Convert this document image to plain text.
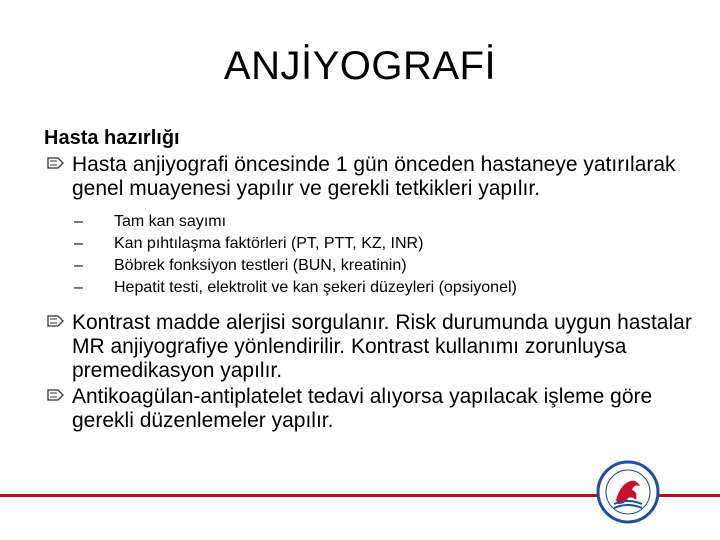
ANJİYOGRAFİ
Hasta hazırlığı
Hasta anjiyografi öncesinde 1 gün önceden hastaneye yatırılarak genel muayenesi yapılır ve gerekli tetkikleri yapılır.
– Tam kan sayımı
– Kan pıhtılaşma faktörleri (PT, PTT, KZ, INR)
– Böbrek fonksiyon testleri (BUN, kreatinin)
– Hepatit testi, elektrolit ve kan şekeri düzeyleri (opsiyonel)
Kontrast madde alerjisi sorgulanır. Risk durumunda uygun hastalar MR anjiyografiye yönlendirilir. Kontrast kullanımı zorunluysa premedikasyon yapılır.
Antikoagülan-antiplatelet tedavi alıyorsa yapılacak işleme göre gerekli düzenlemeler yapılır.
